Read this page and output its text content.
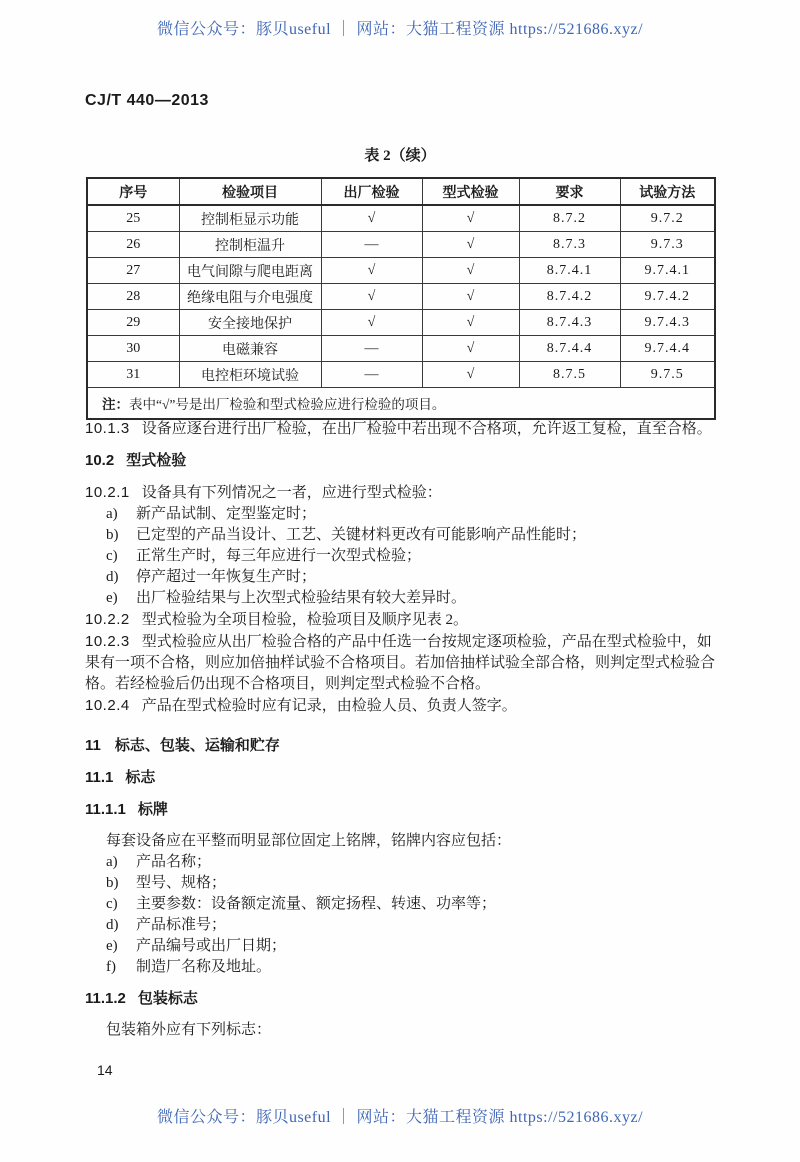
微信公众号：豚贝useful ｜ 网站：大猫工程资源 https://521686.xyz/
CJ/T 440—2013
表 2（续）
序号	检验项目	出厂检验	型式检验	要求	试验方法
25	控制柜显示功能	√	√	8.7.2	9.7.2
26	控制柜温升	—	√	8.7.3	9.7.3
27	电气间隙与爬电距离	√	√	8.7.4.1	9.7.4.1
28	绝缘电阻与介电强度	√	√	8.7.4.2	9.7.4.2
29	安全接地保护	√	√	8.7.4.3	9.7.4.3
30	电磁兼容	—	√	8.7.4.4	9.7.4.4
31	电控柜环境试验	—	√	8.7.5	9.7.5
注：表中“√”号是出厂检验和型式检验应进行检验的项目。					
10.1.3 设备应逐台进行出厂检验，在出厂检验中若出现不合格项，允许返工复检，直至合格。
10.2 型式检验
10.2.1 设备具有下列情况之一者，应进行型式检验：
a) 新产品试制、定型鉴定时；
b) 已定型的产品当设计、工艺、关键材料更改有可能影响产品性能时；
c) 正常生产时，每三年应进行一次型式检验；
d) 停产超过一年恢复生产时；
e) 出厂检验结果与上次型式检验结果有较大差异时。
10.2.2 型式检验为全项目检验，检验项目及顺序见表 2。
10.2.3 型式检验应从出厂检验合格的产品中任选一台按规定逐项检验，产品在型式检验中，如果有一项不合格，则应加倍抽样试验不合格项目。若加倍抽样试验全部合格，则判定型式检验合格。若经检验后仍出现不合格项目，则判定型式检验不合格。
10.2.4 产品在型式检验时应有记录，由检验人员、负责人签字。
11 标志、包装、运输和贮存
11.1 标志
11.1.1 标牌
每套设备应在平整而明显部位固定上铭牌，铭牌内容应包括：
a) 产品名称；
b) 型号、规格；
c) 主要参数：设备额定流量、额定扬程、转速、功率等；
d) 产品标准号；
e) 产品编号或出厂日期；
f) 制造厂名称及地址。
11.1.2 包装标志
包装箱外应有下列标志：
14
微信公众号：豚贝useful ｜ 网站：大猫工程资源 https://521686.xyz/
